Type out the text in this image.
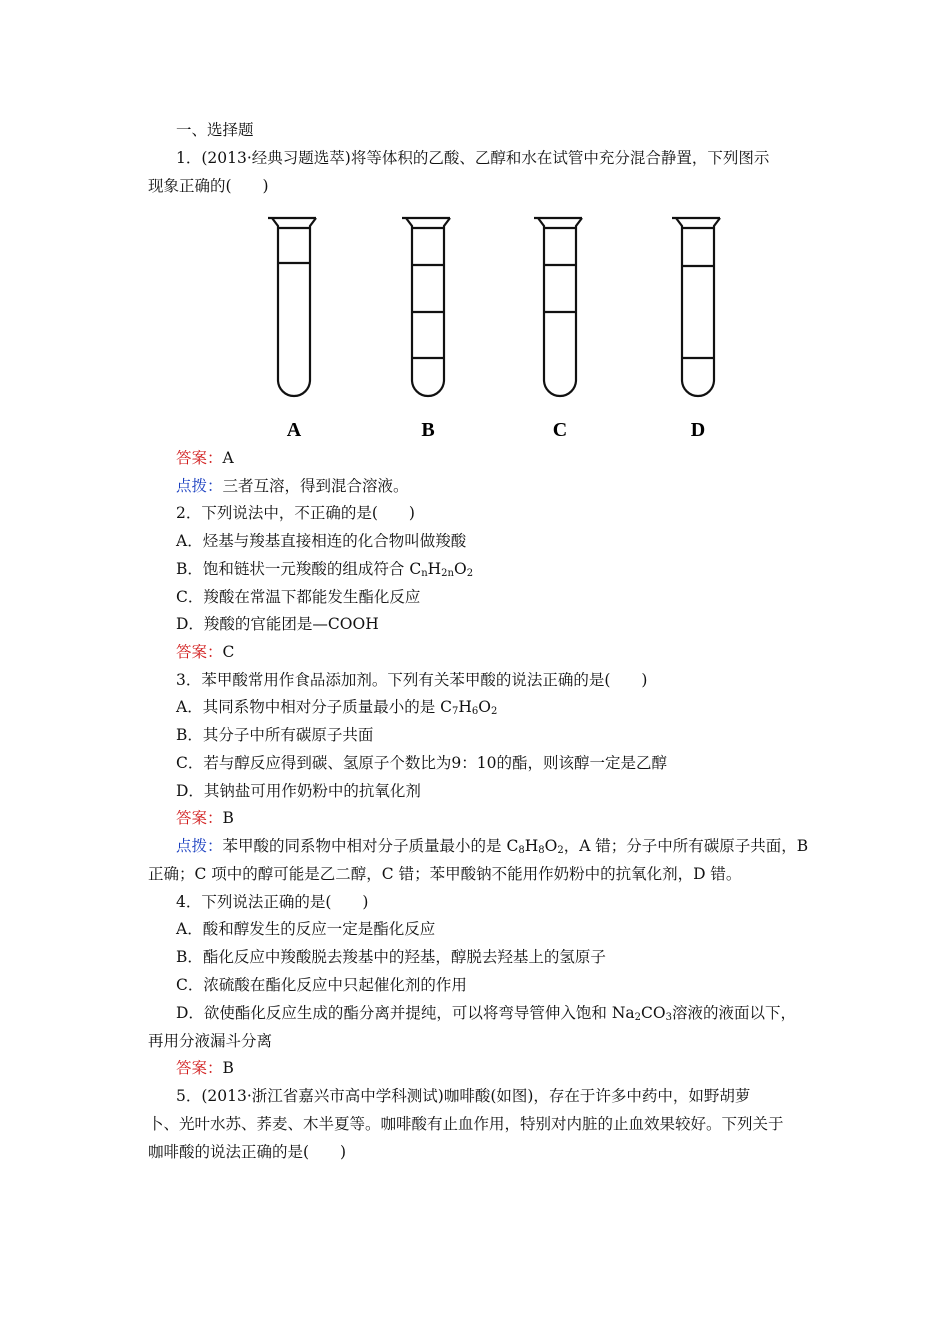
一、选择题
1．(2013·经典习题选萃)将等体积的乙酸、乙醇和水在试管中充分混合静置，下列图示
现象正确的(　　)
A	B	C	D
答案：A
点拨：三者互溶，得到混合溶液。
2．下列说法中，不正确的是(　　)
A．烃基与羧基直接相连的化合物叫做羧酸
B．饱和链状一元羧酸的组成符合 $C_nH_{2n}O_2$
C．羧酸在常温下都能发生酯化反应
D．羧酸的官能团是—COOH
答案：C
3．苯甲酸常用作食品添加剂。下列有关苯甲酸的说法正确的是(　　)
A．其同系物中相对分子质量最小的是 $C_7H_6O_2$
B．其分子中所有碳原子共面
C．若与醇反应得到碳、氢原子个数比为9：10的酯，则该醇一定是乙醇
D．其钠盐可用作奶粉中的抗氧化剂
答案：B
点拨：苯甲酸的同系物中相对分子质量最小的是 $C_8H_8O_2$，A 错；分子中所有碳原子共面，B
正确；C 项中的醇可能是乙二醇，C 错；苯甲酸钠不能用作奶粉中的抗氧化剂，D 错。
4．下列说法正确的是(　　)
A．酸和醇发生的反应一定是酯化反应
B．酯化反应中羧酸脱去羧基中的羟基，醇脱去羟基上的氢原子
C．浓硫酸在酯化反应中只起催化剂的作用
D．欲使酯化反应生成的酯分离并提纯，可以将弯导管伸入饱和 $Na_2CO_3$溶液的液面以下，
再用分液漏斗分离
答案：B
5．(2013·浙江省嘉兴市高中学科测试)咖啡酸(如图)，存在于许多中药中，如野胡萝
卜、光叶水苏、荞麦、木半夏等。咖啡酸有止血作用，特别对内脏的止血效果较好。下列关于
咖啡酸的说法正确的是(　　)
